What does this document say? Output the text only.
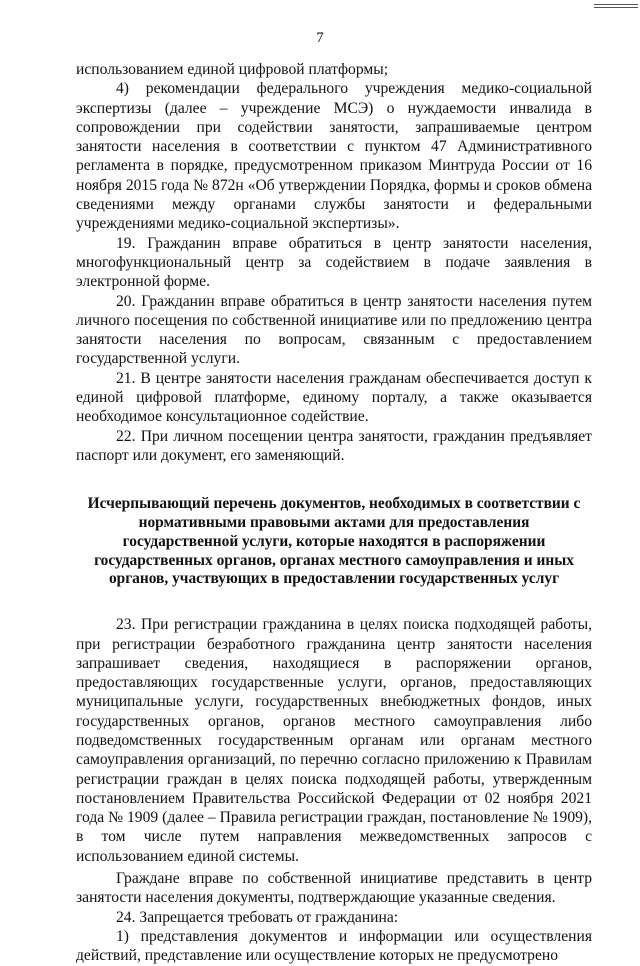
7

использованием единой цифровой платформы;

4) рекомендации федерального учреждения медико-социальной экспертизы (далее – учреждение МСЭ) о нуждаемости инвалида в сопровождении при содействии занятости, запрашиваемые центром занятости населения в соответствии с пунктом 47 Административного регламента в порядке, предусмотренном приказом Минтруда России от 16 ноября 2015 года № 872н «Об утверждении Порядка, формы и сроков обмена сведениями между органами службы занятости и федеральными учреждениями медико-социальной экспертизы».

19. Гражданин вправе обратиться в центр занятости населения, многофункциональный центр за содействием в подаче заявления в электронной форме.

20. Гражданин вправе обратиться в центр занятости населения путем личного посещения по собственной инициативе или по предложению центра занятости населения по вопросам, связанным с предоставлением государственной услуги.

21. В центре занятости населения гражданам обеспечивается доступ к единой цифровой платформе, единому порталу, а также оказывается необходимое консультационное содействие.

22. При личном посещении центра занятости, гражданин предъявляет паспорт или документ, его заменяющий.

Исчерпывающий перечень документов, необходимых в соответствии с нормативными правовыми актами для предоставления государственной услуги, которые находятся в распоряжении государственных органов, органах местного самоуправления и иных органов, участвующих в предоставлении государственных услуг

23. При регистрации гражданина в целях поиска подходящей работы, при регистрации безработного гражданина центр занятости населения запрашивает сведения, находящиеся в распоряжении органов, предоставляющих государственные услуги, органов, предоставляющих муниципальные услуги, государственных внебюджетных фондов, иных государственных органов, органов местного самоуправления либо подведомственных государственным органам или органам местного самоуправления организаций, по перечню согласно приложению к Правилам регистрации граждан в целях поиска подходящей работы, утвержденным постановлением Правительства Российской Федерации от 02 ноября 2021 года № 1909 (далее – Правила регистрации граждан, постановление № 1909), в том числе путем направления межведомственных запросов с использованием единой системы.

Граждане вправе по собственной инициативе представить в центр занятости населения документы, подтверждающие указанные сведения.

24. Запрещается требовать от гражданина:

1) представления документов и информации или осуществления действий, представление или осуществление которых не предусмотрено
